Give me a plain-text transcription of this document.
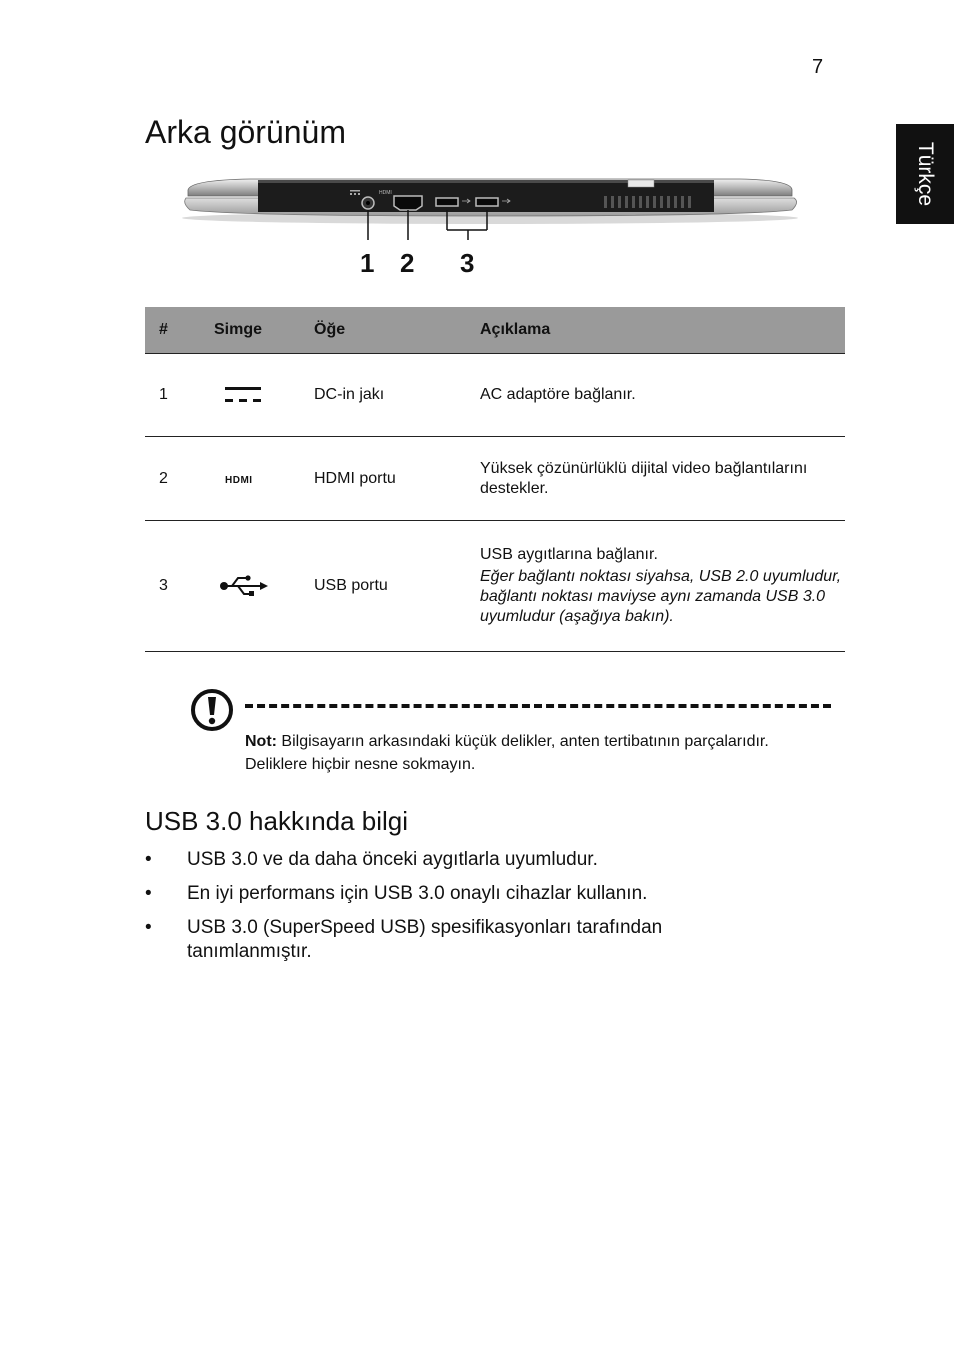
7
Türkçe
Arka görünüm
HDMI
1 2 3
#	Simge	Öğe	Açıklama
1		DC-in jakı	AC adaptöre bağlanır.
2	HDMI	HDMI portu	Yüksek çözünürlüklü dijital video bağlantılarını destekler.
3		USB portu	USB aygıtlarına bağlanır.
Eğer bağlantı noktası siyahsa, USB 2.0 uyumludur, bağlantı noktası maviyse aynı zamanda USB 3.0 uyumludur (aşağıya bakın).
Not: Bilgisayarın arkasındaki küçük delikler, anten tertibatının parçalarıdır. Deliklere hiçbir nesne sokmayın.
USB 3.0 hakkında bilgi
• USB 3.0 ve da daha önceki aygıtlarla uyumludur.
• En iyi performans için USB 3.0 onaylı cihazlar kullanın.
• USB 3.0 (SuperSpeed USB) spesifikasyonları tarafından tanımlanmıştır.
